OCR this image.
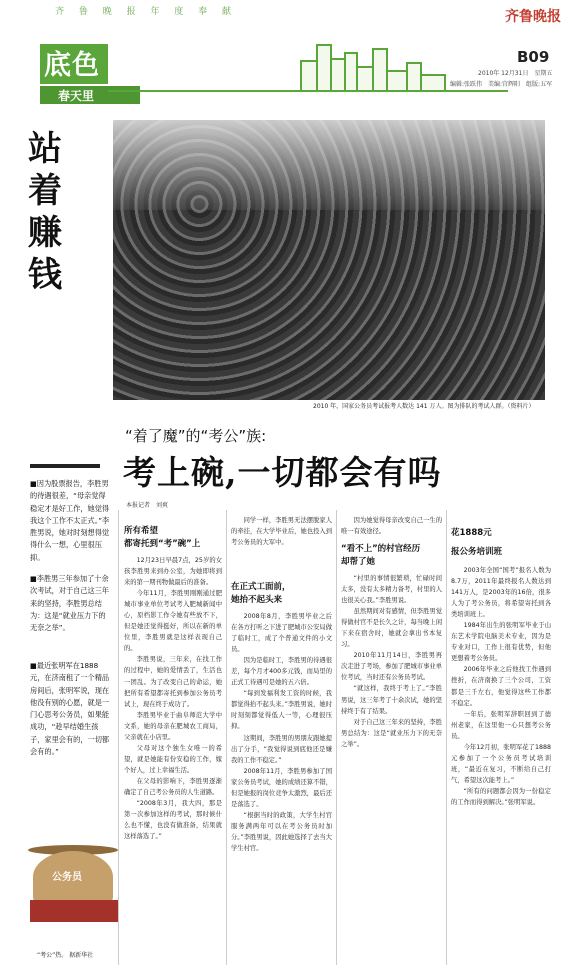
齐 鲁 晚 报 年 度 奉 献	齐鲁晚报
B09
2010年 12月31日　星期五
编辑:张跃伟　美编:宫辉阳　组版:五军
底色
春天里
站着赚钱
2010 年，国家公务员考试报考人数达 141 万人。图为排队的考试人群。（资料片）
“着了魔”的“考公”族:
考上碗,一切都会有吗
本报记者　刘爽
■因为股票报告，李胜男的待遇很差，“母亲觉得稳定才是好工作，她觉得我这个工作不太正式。”李胜男说，她对时刻想得觉得什么一想，心里很压抑。
■李胜男三年参加了十余次考试，对于自己这三年来的坚持，李胜男总结为：这是“就业压力下的无奈之举”。
■最近张明军在1888元，在济南租了一个精品房间后，张明军说，现在他没有别的心愿，就是一门心思考公务员，如果能成功，“趁早结婚生孩子，家里会有的，一切都会有的。”
公务员
“考公”热。 据新华社
所有希望
都寄托到“考”碗”上

12月23日早晨7点，25岁的女孩李胜男来到办公室，为她即将到来的第一期刊物做最后的准备。

今年11月，李胜男刚刚通过肥城市事业单位考试考入肥城新闻中心，原档影工作令她有些放不下，但是她还觉得挺好，所以在新的单位里，李胜男就是这样表现自己的。

李胜男说，三年来，在找工作的过程中，她的爱情丢了，生活也一团乱。为了改变自己的命运，她把所有希望都寄托到参加公务员考试上，现在终于成功了。

李胜男毕业于曲阜师范大学中文系，她的母亲在肥城农工商局，父亲就在小店里。

父母对这个独生女唯一的希望，就是她能有份安稳的工作，嫁个好人，过上幸福生活。

在父母的影响下，李胜男逐渐确定了自己考公务员的人生道路。

“2008年3月，我大四，那是第一次参加这样的考试，那时候什么也不懂，也没有做准备，结果就这样落选了。”

同学一样，李胜男无法摆脱家人的牵挂，在大学毕业后，她也投入到考公务员的大军中。

在正式工面前，
她抬不起头来

2008年8月，李胜男毕业之后在各方打听之下进了肥城市公安局做了临时工，成了个普通文件的小文员。

因为是临时工，李胜男的待遇很差，每个月才400多元钱，而局里的正式工待遇可是她的五六倍。

“每到发福利发工资的时候，我都觉得抬不起头来。”李胜男说，她时时刻刻都觉得低人一等，心理很压抑。

这期间，李胜男的男朋友跟她提出了分手，“我觉得说到底他还是嫌我的工作不稳定。”

2008年11月，李胜男参加了国家公务员考试，她的成绩还算不错，但是她报的岗位竞争太激烈，最后还是落选了。

“根据当时的政策，大学生村官服务满两年可以在考公务员时加分。”李胜男说，因此她选择了去当大学生村官。

因为她觉得母亲改变自己一生的唯一有效途径。

“看不上”的村官经历
却帮了她

“村里的事情很繁琐，忙碌时间太多，没有太多精力备考，村里的人也很关心我。”李胜男说。

虽然期间对有感情，但李胜男觉得做村官不是长久之计，每当晚上闲下来在宿舍时，她就会拿出书本复习。

2010年11月14日，李胜男再次走进了考场，参加了肥城市事业单位考试，当时还有公务员考试。

“就这样，我终于考上了。”李胜男说，这三年考了十余次试，她的坚持终于有了结果。

对于自己这三年来的坚持，李胜男总结为：这是“就业压力下的无奈之举”。

花1888元
报公务培训班

2003年全国“国考”报名人数为8.7万，2011年最终报名人数达到141万人，是2003年的16倍，很多人为了考公务员，将希望寄托到各类培训班上。

1984年出生的张明军毕业于山东艺术学院电脑美术专业，因为是专业对口，工作上很有优势，但他更想着考公务员。

2006年毕业之后他找工作遇到挫折，在济南换了三个公司，工资都是三千左右，他觉得这些工作都不稳定。

一年后，张明军辞职回到了德州老家，在这里他一心只想考公务员。

今年12月初，张明军花了1888元参加了一个公务员考试培训班，“最近在复习，不断给自己打气，希望这次能考上。”

“所有的问题都会因为一份稳定的工作而得到解决。”张明军说。
